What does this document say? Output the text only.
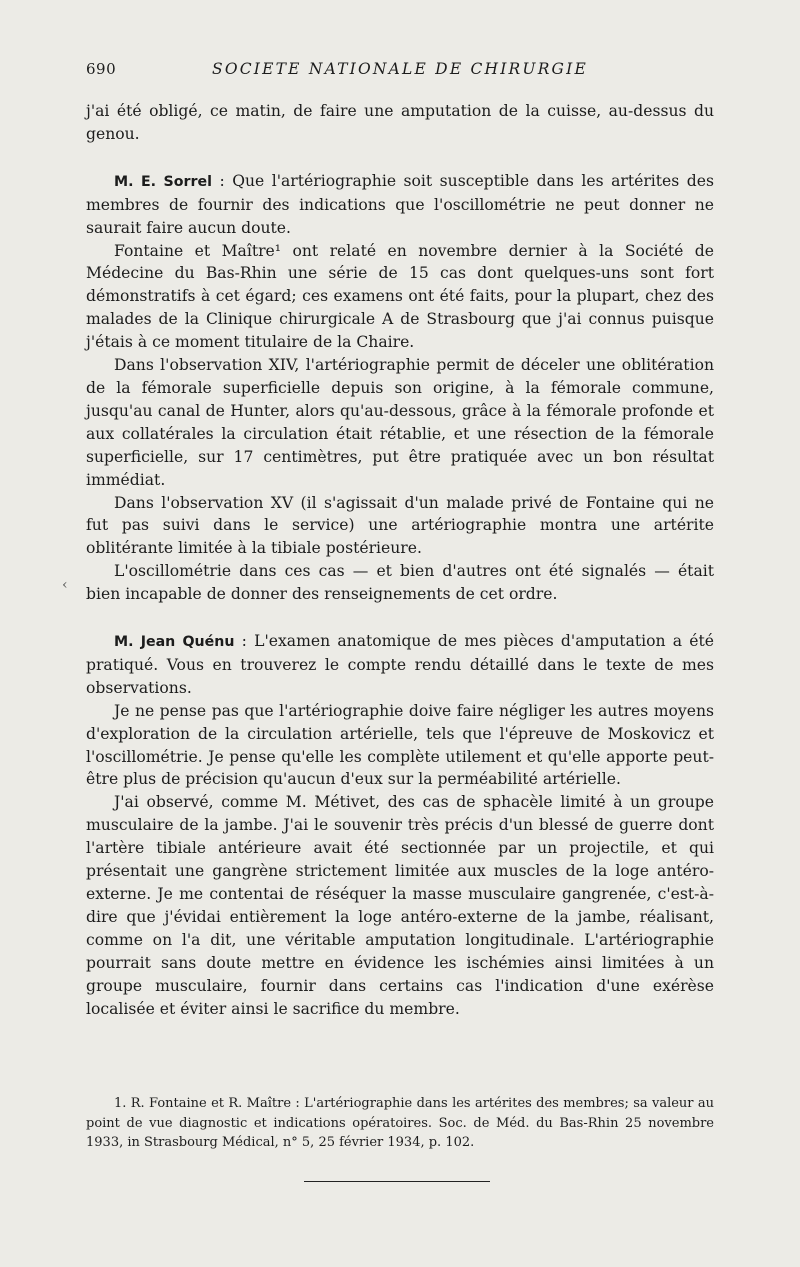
690	SOCIETE NATIONALE DE CHIRURGIE

j'ai été obligé, ce matin, de faire une amputation de la cuisse, au-dessus du genou.

M. E. Sorrel : Que l'artériographie soit susceptible dans les artérites des membres de fournir des indications que l'oscillométrie ne peut donner ne saurait faire aucun doute.

Fontaine et Maître¹ ont relaté en novembre dernier à la Société de Médecine du Bas-Rhin une série de 15 cas dont quelques-uns sont fort démonstratifs à cet égard; ces examens ont été faits, pour la plupart, chez des malades de la Clinique chirurgicale A de Strasbourg que j'ai connus puisque j'étais à ce moment titulaire de la Chaire.

Dans l'observation XIV, l'artériographie permit de déceler une oblitération de la fémorale superficielle depuis son origine, à la fémorale commune, jusqu'au canal de Hunter, alors qu'au-dessous, grâce à la fémorale profonde et aux collatérales la circulation était rétablie, et une résection de la fémorale superficielle, sur 17 centimètres, put être pratiquée avec un bon résultat immédiat.

Dans l'observation XV (il s'agissait d'un malade privé de Fontaine qui ne fut pas suivi dans le service) une artériographie montra une artérite oblitérante limitée à la tibiale postérieure.

L'oscillométrie dans ces cas — et bien d'autres ont été signalés — était bien incapable de donner des renseignements de cet ordre.

M. Jean Quénu : L'examen anatomique de mes pièces d'amputation a été pratiqué. Vous en trouverez le compte rendu détaillé dans le texte de mes observations.

Je ne pense pas que l'artériographie doive faire négliger les autres moyens d'exploration de la circulation artérielle, tels que l'épreuve de Moskovicz et l'oscillométrie. Je pense qu'elle les complète utilement et qu'elle apporte peut-être plus de précision qu'aucun d'eux sur la perméabilité artérielle.

J'ai observé, comme M. Métivet, des cas de sphacèle limité à un groupe musculaire de la jambe. J'ai le souvenir très précis d'un blessé de guerre dont l'artère tibiale antérieure avait été sectionnée par un projectile, et qui présentait une gangrène strictement limitée aux muscles de la loge antéro-externe. Je me contentai de réséquer la masse musculaire gangrenée, c'est-à-dire que j'évidai entièrement la loge antéro-externe de la jambe, réalisant, comme on l'a dit, une véritable amputation longitudinale. L'artériographie pourrait sans doute mettre en évidence les ischémies ainsi limitées à un groupe musculaire, fournir dans certains cas l'indication d'une exérèse localisée et éviter ainsi le sacrifice du membre.

1. R. Fontaine et R. Maître : L'artériographie dans les artérites des membres; sa valeur au point de vue diagnostic et indications opératoires. Soc. de Méd. du Bas-Rhin 25 novembre 1933, in Strasbourg Médical, n° 5, 25 février 1934, p. 102.

‹
